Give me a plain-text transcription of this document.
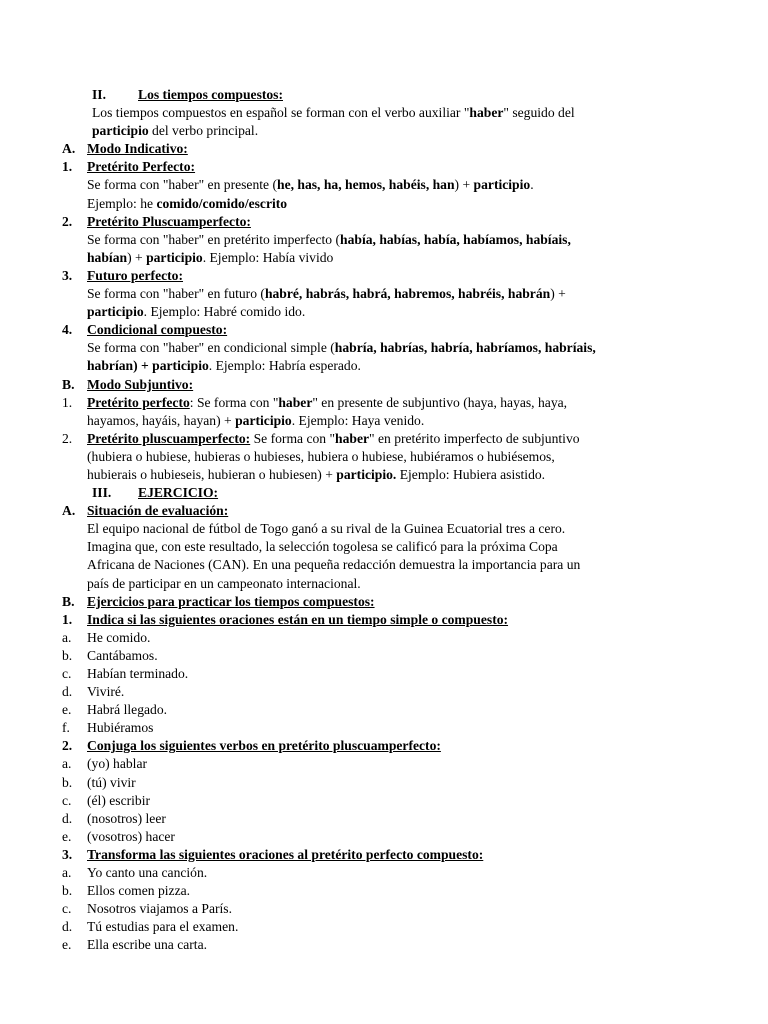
II. Los tiempos compuestos:
Los tiempos compuestos en español se forman con el verbo auxiliar "haber" seguido del
participio del verbo principal.
A. Modo Indicativo:
1. Pretérito Perfecto:
Se forma con "haber" en presente (he, has, ha, hemos, habéis, han) + participio.
Ejemplo: he comido/comido/escrito
2. Pretérito Pluscuamperfecto:
Se forma con "haber" en pretérito imperfecto (había, habías, había, habíamos, habíais,
habían) + participio. Ejemplo: Había vivido
3. Futuro perfecto:
Se forma con "haber" en futuro (habré, habrás, habrá, habremos, habréis, habrán) +
participio. Ejemplo: Habré comido ido.
4. Condicional compuesto:
Se forma con "haber" en condicional simple (habría, habrías, habría, habríamos, habríais,
habrían) + participio. Ejemplo: Habría esperado.
B. Modo Subjuntivo:
1. Pretérito perfecto: Se forma con "haber" en presente de subjuntivo (haya, hayas, haya,
hayamos, hayáis, hayan) + participio. Ejemplo: Haya venido.
2. Pretérito pluscuamperfecto: Se forma con "haber" en pretérito imperfecto de subjuntivo
(hubiera o hubiese, hubieras o hubieses, hubiera o hubiese, hubiéramos o hubiésemos,
hubierais o hubieseis, hubieran o hubiesen) + participio. Ejemplo: Hubiera asistido.
III. EJERCICIO:
A. Situación de evaluación:
El equipo nacional de fútbol de Togo ganó a su rival de la Guinea Ecuatorial tres a cero.
Imagina que, con este resultado, la selección togolesa se calificó para la próxima Copa
Africana de Naciones (CAN). En una pequeña redacción demuestra la importancia para un
país de participar en un campeonato internacional.
B. Ejercicios para practicar los tiempos compuestos:
1. Indica si las siguientes oraciones están en un tiempo simple o compuesto:
a. He comido.
b. Cantábamos.
c. Habían terminado.
d. Viviré.
e. Habrá llegado.
f. Hubiéramos
2. Conjuga los siguientes verbos en pretérito pluscuamperfecto:
a. (yo) hablar
b. (tú) vivir
c. (él) escribir
d. (nosotros) leer
e. (vosotros) hacer
3. Transforma las siguientes oraciones al pretérito perfecto compuesto:
a. Yo canto una canción.
b. Ellos comen pizza.
c. Nosotros viajamos a París.
d. Tú estudias para el examen.
e. Ella escribe una carta.
